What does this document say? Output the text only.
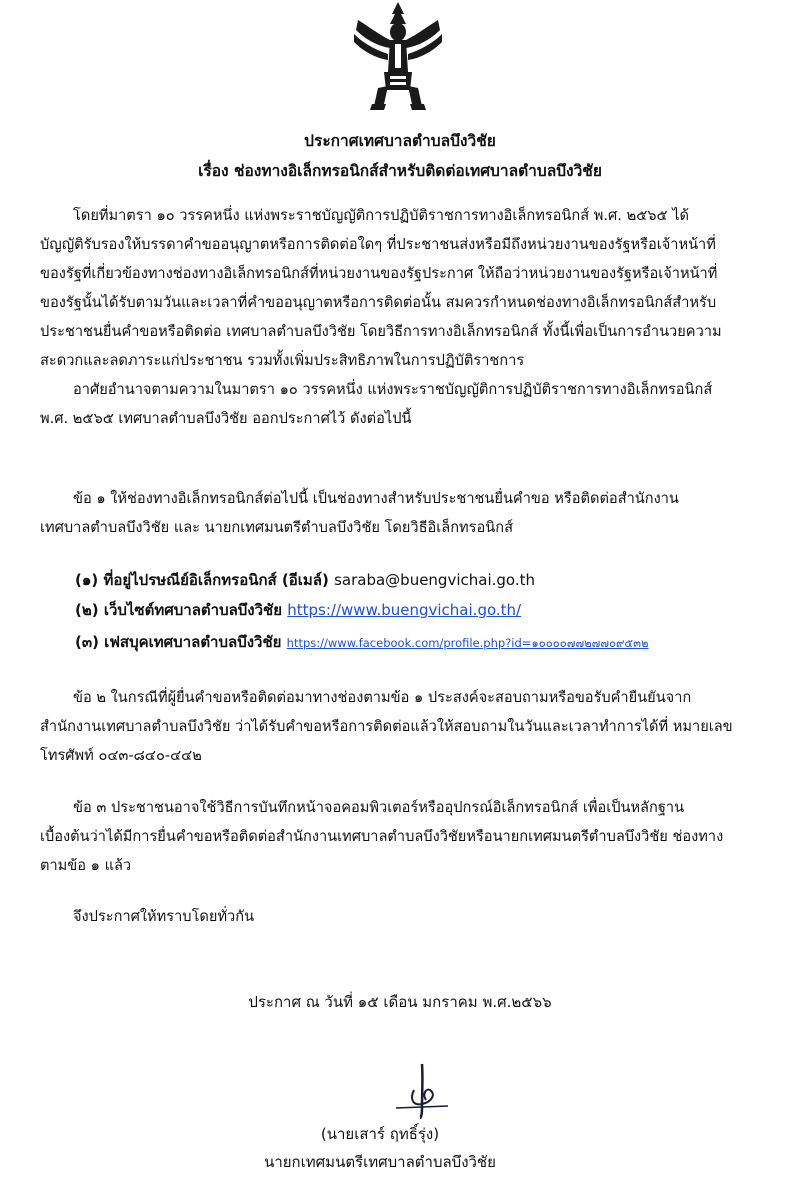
ประกาศเทศบาลตำบลบึงวิชัย
เรื่อง ช่องทางอิเล็กทรอนิกส์สำหรับติดต่อเทศบาลตำบลบึงวิชัย
โดยที่มาตรา ๑๐ วรรคหนึ่ง แห่งพระราชบัญญัติการปฏิบัติราชการทางอิเล็กทรอนิกส์ พ.ศ. ๒๕๖๕ ได้
บัญญัติรับรองให้บรรดาคำขออนุญาตหรือการติดต่อใดๆ ที่ประชาชนส่งหรือมีถึงหน่วยงานของรัฐหรือเจ้าหน้าที่
ของรัฐที่เกี่ยวข้องทางช่องทางอิเล็กทรอนิกส์ที่หน่วยงานของรัฐประกาศ ให้ถือว่าหน่วยงานของรัฐหรือเจ้าหน้าที่
ของรัฐนั้นได้รับตามวันและเวลาที่คำขออนุญาตหรือการติดต่อนั้น สมควรกำหนดช่องทางอิเล็กทรอนิกส์สำหรับ
ประชาชนยื่นคำขอหรือติดต่อ เทศบาลตำบลบึงวิชัย โดยวิธีการทางอิเล็กทรอนิกส์ ทั้งนี้เพื่อเป็นการอำนวยความ
สะดวกและลดภาระแก่ประชาชน รวมทั้งเพิ่มประสิทธิภาพในการปฏิบัติราชการ
อาศัยอำนาจตามความในมาตรา ๑๐ วรรคหนึ่ง แห่งพระราชบัญญัติการปฏิบัติราชการทางอิเล็กทรอนิกส์
พ.ศ. ๒๕๖๕ เทศบาลตำบลบึงวิชัย ออกประกาศไว้ ดังต่อไปนี้
ข้อ ๑ ให้ช่องทางอิเล็กทรอนิกส์ต่อไปนี้ เป็นช่องทางสำหรับประชาชนยื่นคำขอ หรือติดต่อสำนักงาน
เทศบาลตำบลบึงวิชัย และ นายกเทศมนตรีตำบลบึงวิชัย โดยวิธีอิเล็กทรอนิกส์
(๑) ที่อยู่ไปรษณีย์อิเล็กทรอนิกส์ (อีเมล์) saraba@buengvichai.go.th
(๒) เว็บไซต์ทศบาลตำบลบึงวิชัย https://www.buengvichai.go.th/
(๓) เฟสบุคเทศบาลตำบลบึงวิชัย https://www.facebook.com/profile.php?id=๑๐๐๐๐๗๗๒๗๗๐๙๕๓๒
ข้อ ๒ ในกรณีที่ผู้ยื่นคำขอหรือติดต่อมาทางช่องตามข้อ ๑ ประสงค์จะสอบถามหรือขอรับคำยืนยันจาก
สำนักงานเทศบาลตำบลบึงวิชัย ว่าได้รับคำขอหรือการติดต่อแล้วให้สอบถามในวันและเวลาทำการได้ที่ หมายเลข
โทรศัพท์ ๐๔๓-๘๔๐-๔๔๒
ข้อ ๓ ประชาชนอาจใช้วิธีการบันทึกหน้าจอคอมพิวเตอร์หรืออุปกรณ์อิเล็กทรอนิกส์ เพื่อเป็นหลักฐาน
เบื้องต้นว่าได้มีการยื่นคำขอหรือติดต่อสำนักงานเทศบาลตำบลบึงวิชัยหรือนายกเทศมนตรีตำบลบึงวิชัย ช่องทาง
ตามข้อ ๑ แล้ว
จึงประกาศให้ทราบโดยทั่วกัน
ประกาศ ณ วันที่ ๑๕ เดือน มกราคม พ.ศ.๒๕๖๖
(นายเสาร์ ฤทธิ์รุ่ง)
นายกเทศมนตรีเทศบาลตำบลบึงวิชัย
